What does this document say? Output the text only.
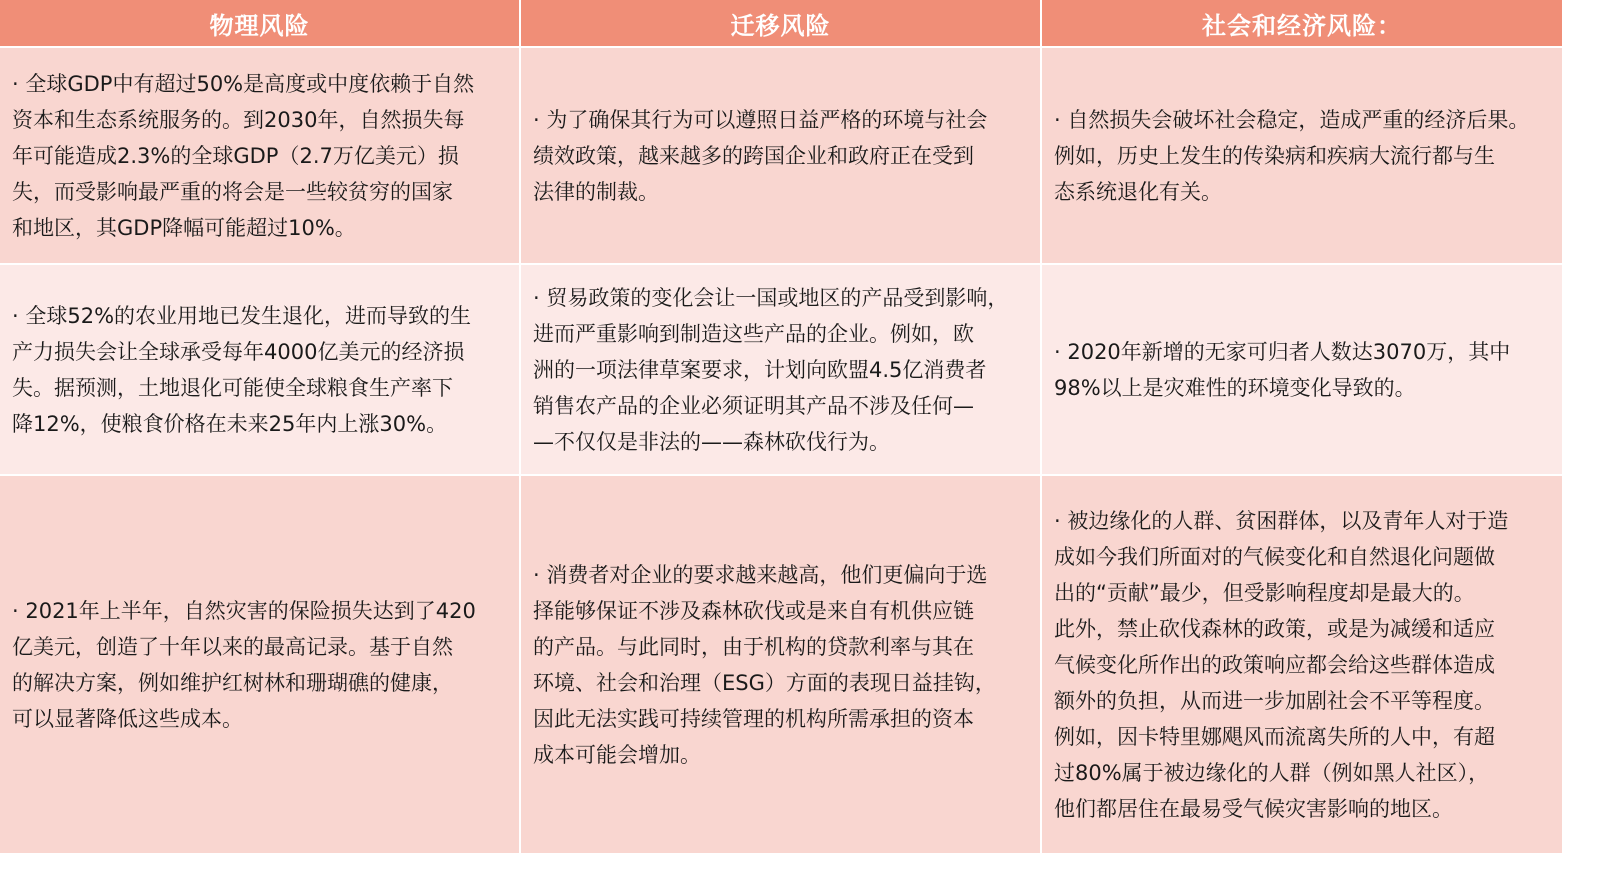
物理风险	迁移风险	社会和经济风险：
· 全球GDP中有超过50%是高度或中度依赖于自然
资本和生态系统服务的。到2030年，自然损失每
年可能造成2.3%的全球GDP（2.7万亿美元）损
失，而受影响最严重的将会是一些较贫穷的国家
和地区，其GDP降幅可能超过10%。
· 为了确保其行为可以遵照日益严格的环境与社会
绩效政策，越来越多的跨国企业和政府正在受到
法律的制裁。
· 自然损失会破坏社会稳定，造成严重的经济后果。
例如，历史上发生的传染病和疾病大流行都与生
态系统退化有关。
· 全球52%的农业用地已发生退化，进而导致的生
产力损失会让全球承受每年4000亿美元的经济损
失。据预测，土地退化可能使全球粮食生产率下
降12%，使粮食价格在未来25年内上涨30%。
· 贸易政策的变化会让一国或地区的产品受到影响，
进而严重影响到制造这些产品的企业。例如，欧
洲的一项法律草案要求，计划向欧盟4.5亿消费者
销售农产品的企业必须证明其产品不涉及任何—
—不仅仅是非法的——森林砍伐行为。
· 2020年新增的无家可归者人数达3070万，其中
98%以上是灾难性的环境变化导致的。
· 2021年上半年，自然灾害的保险损失达到了420
亿美元，创造了十年以来的最高记录。基于自然
的解决方案，例如维护红树林和珊瑚礁的健康，
可以显著降低这些成本。
· 消费者对企业的要求越来越高，他们更偏向于选
择能够保证不涉及森林砍伐或是来自有机供应链
的产品。与此同时，由于机构的贷款利率与其在
环境、社会和治理（ESG）方面的表现日益挂钩，
因此无法实践可持续管理的机构所需承担的资本
成本可能会增加。
· 被边缘化的人群、贫困群体，以及青年人对于造
成如今我们所面对的气候变化和自然退化问题做
出的“贡献”最少，但受影响程度却是最大的。
此外，禁止砍伐森林的政策，或是为减缓和适应
气候变化所作出的政策响应都会给这些群体造成
额外的负担，从而进一步加剧社会不平等程度。
例如，因卡特里娜飓风而流离失所的人中，有超
过80%属于被边缘化的人群（例如黑人社区），
他们都居住在最易受气候灾害影响的地区。
